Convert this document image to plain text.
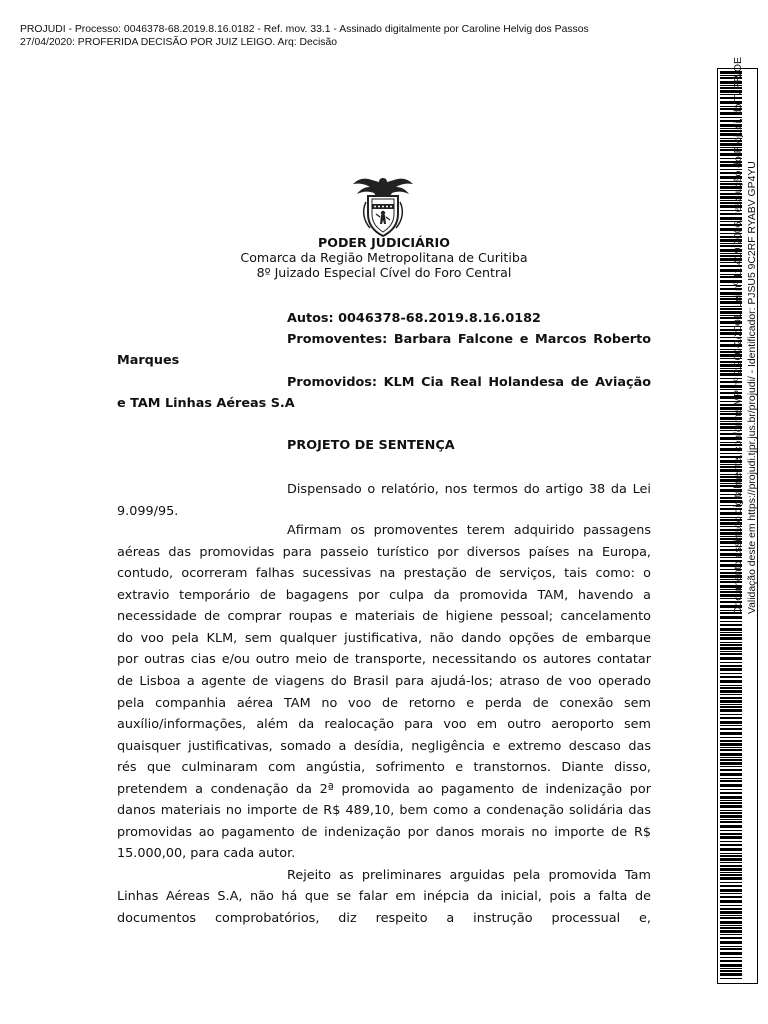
PROJUDI - Processo: 0046378-68.2019.8.16.0182 - Ref. mov. 33.1 - Assinado digitalmente por Caroline Helvig dos Passos
27/04/2020: PROFERIDA DECISÃO POR JUIZ LEIGO. Arq: Decisão
PODER JUDICIÁRIO
Comarca da Região Metropolitana de Curitiba
8º Juizado Especial Cível do Foro Central
Autos: 0046378-68.2019.8.16.0182
Promoventes: Barbara Falcone e Marcos Roberto
Marques
Promovidos: KLM Cia Real Holandesa de Aviação
e TAM Linhas Aéreas S.A
PROJETO DE SENTENÇA
Dispensado o relatório, nos termos do artigo 38 da Lei
9.099/95.
Afirmam os promoventes terem adquirido passagens
aéreas das promovidas para passeio turístico por diversos países na Europa,
contudo, ocorreram falhas sucessivas na prestação de serviços, tais como: o
extravio temporário de bagagens por culpa da promovida TAM, havendo a
necessidade de comprar roupas e materiais de higiene pessoal; cancelamento
do voo pela KLM, sem qualquer justificativa, não dando opções de embarque
por outras cias e/ou outro meio de transporte, necessitando os autores contatar
de Lisboa a agente de viagens do Brasil para ajudá-los; atraso de voo operado
pela companhia aérea TAM no voo de retorno e perda de conexão sem
auxílio/informações, além da realocação para voo em outro aeroporto sem
quaisquer justificativas, somado a desídia, negligência e extremo descaso das
rés que culminaram com angústia, sofrimento e transtornos. Diante disso,
pretendem a condenação da 2ª promovida ao pagamento de indenização por
danos materiais no importe de R$ 489,10, bem como a condenação solidária das
promovidas ao pagamento de indenização por danos morais no importe de R$
15.000,00, para cada autor.
Rejeito as preliminares arguidas pela promovida Tam
Linhas Aéreas S.A, não há que se falar em inépcia da inicial, pois a falta de
documentos comprobatórios, diz respeito a instrução processual e,
Documento assinado digitalmente, conforme MP nº 2.200-2/2001, Lei nº 11.419/2006, resolução do Projudi, do TJPR/OE Validação deste em https://projudi.tjpr.jus.br/projudi/ - Identificador: PJSU5 9C2RF RYABV GP4YU
